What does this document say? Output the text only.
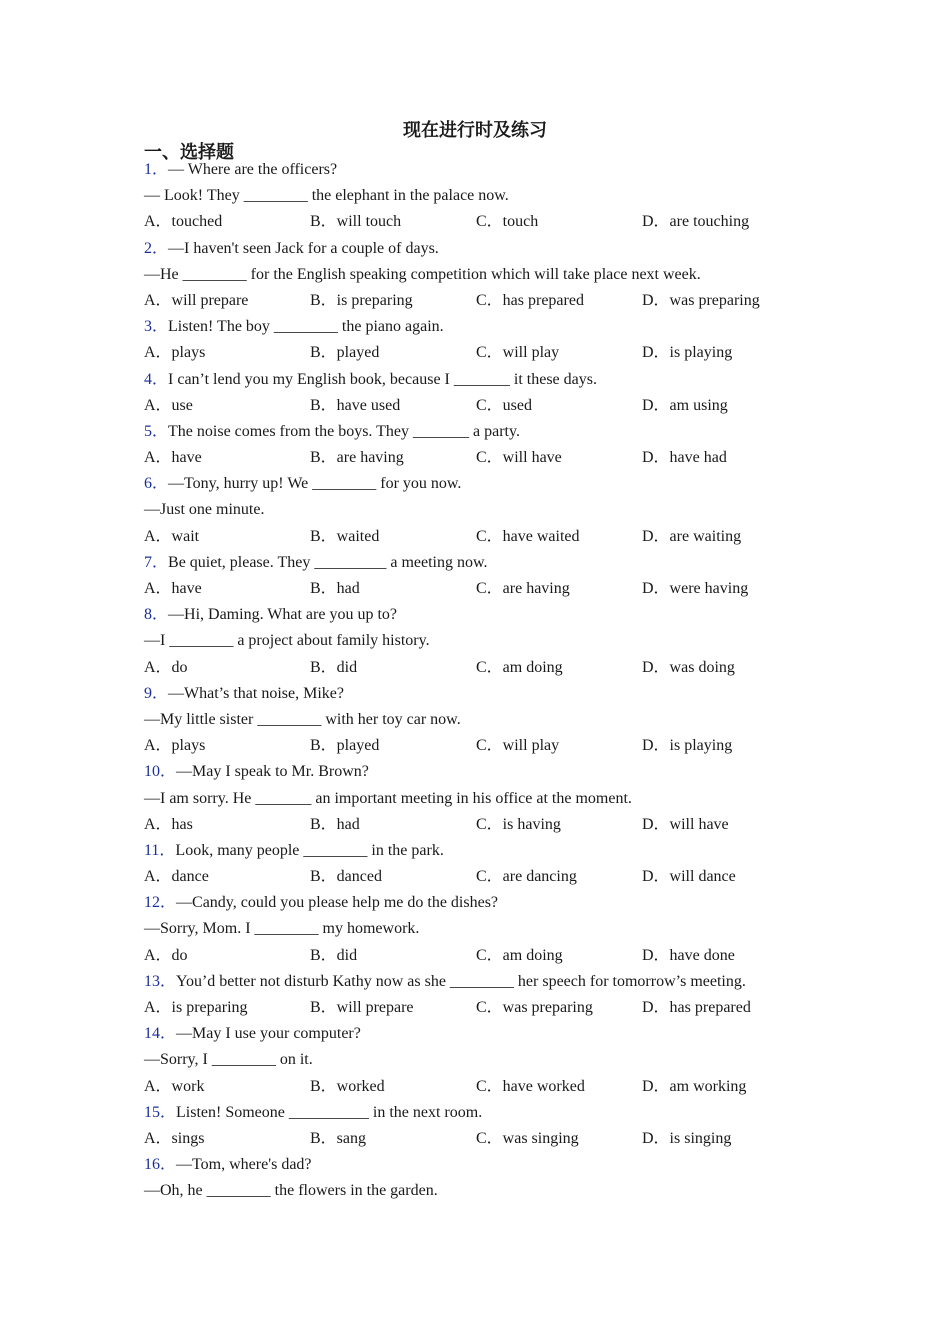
现在进行时及练习
一、选择题
1．— Where are the officers?
— Look! They ________ the elephant in the palace now.
A．touched	B．will touch	C．touch	D．are touching
2．—I haven't seen Jack for a couple of days.
—He ________ for the English speaking competition which will take place next week.
A．will prepare	B．is preparing	C．has prepared	D．was preparing
3．Listen! The boy ________ the piano again.
A．plays	B．played	C．will play	D．is playing
4．I can’t lend you my English book, because I _______ it these days.
A．use	B．have used	C．used	D．am using
5．The noise comes from the boys. They _______ a party.
A．have	B．are having	C．will have	D．have had
6．—Tony, hurry up! We ________ for you now.
—Just one minute.
A．wait	B．waited	C．have waited	D．are waiting
7．Be quiet, please. They _________ a meeting now.
A．have	B．had	C．are having	D．were having
8．—Hi, Daming. What are you up to?
—I ________ a project about family history.
A．do	B．did	C．am doing	D．was doing
9．—What’s that noise, Mike?
—My little sister ________ with her toy car now.
A．plays	B．played	C．will play	D．is playing
10．—May I speak to Mr. Brown?
—I am sorry. He _______ an important meeting in his office at the moment.
A．has	B．had	C．is having	D．will have
11．Look, many people ________ in the park.
A．dance	B．danced	C．are dancing	D．will dance
12．—Candy, could you please help me do the dishes?
—Sorry, Mom. I ________ my homework.
A．do	B．did	C．am doing	D．have done
13．You’d better not disturb Kathy now as she ________ her speech for tomorrow’s meeting.
A．is preparing	B．will prepare	C．was preparing	D．has prepared
14．—May I use your computer?
—Sorry, I ________ on it.
A．work	B．worked	C．have worked	D．am working
15．Listen! Someone __________ in the next room.
A．sings	B．sang	C．was singing	D．is singing
16．—Tom, where's dad?
—Oh, he ________ the flowers in the garden.
